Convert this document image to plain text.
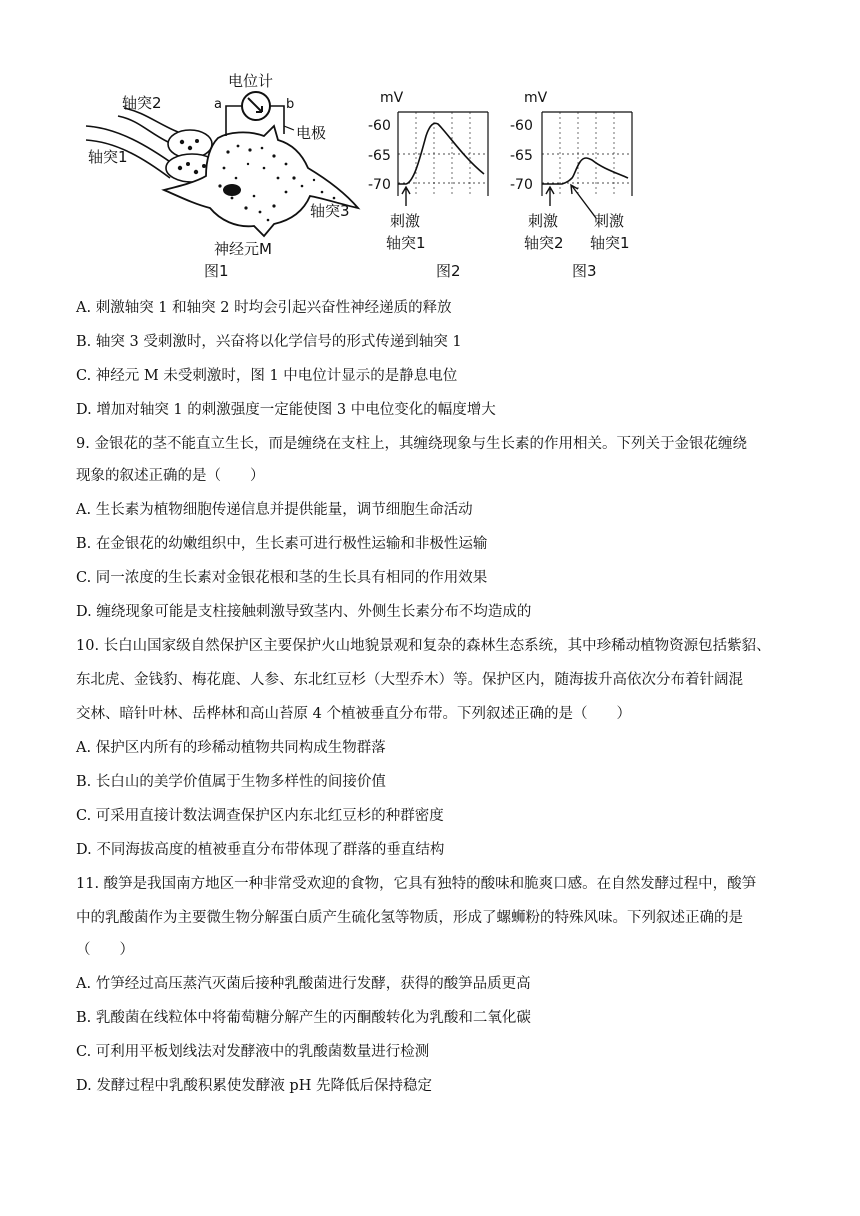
电位计
a	b
电极
轴突2
轴突1
轴突3
神经元M
图1
mV
-60
-65
-70
刺激
轴突1
图2
mV
-60
-65
-70
刺激
轴突2
刺激
轴突1
图3
A. 刺激轴突 1 和轴突 2 时均会引起兴奋性神经递质的释放
B. 轴突 3 受刺激时，兴奋将以化学信号的形式传递到轴突 1
C. 神经元 M 未受刺激时，图 1 中电位计显示的是静息电位
D. 增加对轴突 1 的刺激强度一定能使图 3 中电位变化的幅度增大
9. 金银花的茎不能直立生长，而是缠绕在支柱上，其缠绕现象与生长素的作用相关。下列关于金银花缠绕
现象的叙述正确的是（　　）
A. 生长素为植物细胞传递信息并提供能量，调节细胞生命活动
B. 在金银花的幼嫩组织中，生长素可进行极性运输和非极性运输
C. 同一浓度的生长素对金银花根和茎的生长具有相同的作用效果
D. 缠绕现象可能是支柱接触刺激导致茎内、外侧生长素分布不均造成的
10. 长白山国家级自然保护区主要保护火山地貌景观和复杂的森林生态系统，其中珍稀动植物资源包括紫貂、
东北虎、金钱豹、梅花鹿、人参、东北红豆杉（大型乔木）等。保护区内，随海拔升高依次分布着针阔混
交林、暗针叶林、岳桦林和高山苔原 4 个植被垂直分布带。下列叙述正确的是（　　）
A. 保护区内所有的珍稀动植物共同构成生物群落
B. 长白山的美学价值属于生物多样性的间接价值
C. 可采用直接计数法调查保护区内东北红豆杉的种群密度
D. 不同海拔高度的植被垂直分布带体现了群落的垂直结构
11. 酸笋是我国南方地区一种非常受欢迎的食物，它具有独特的酸味和脆爽口感。在自然发酵过程中，酸笋
中的乳酸菌作为主要微生物分解蛋白质产生硫化氢等物质，形成了螺蛳粉的特殊风味。下列叙述正确的是
（　　）
A. 竹笋经过高压蒸汽灭菌后接种乳酸菌进行发酵，获得的酸笋品质更高
B. 乳酸菌在线粒体中将葡萄糖分解产生的丙酮酸转化为乳酸和二氧化碳
C. 可利用平板划线法对发酵液中的乳酸菌数量进行检测
D. 发酵过程中乳酸积累使发酵液 pH 先降低后保持稳定
